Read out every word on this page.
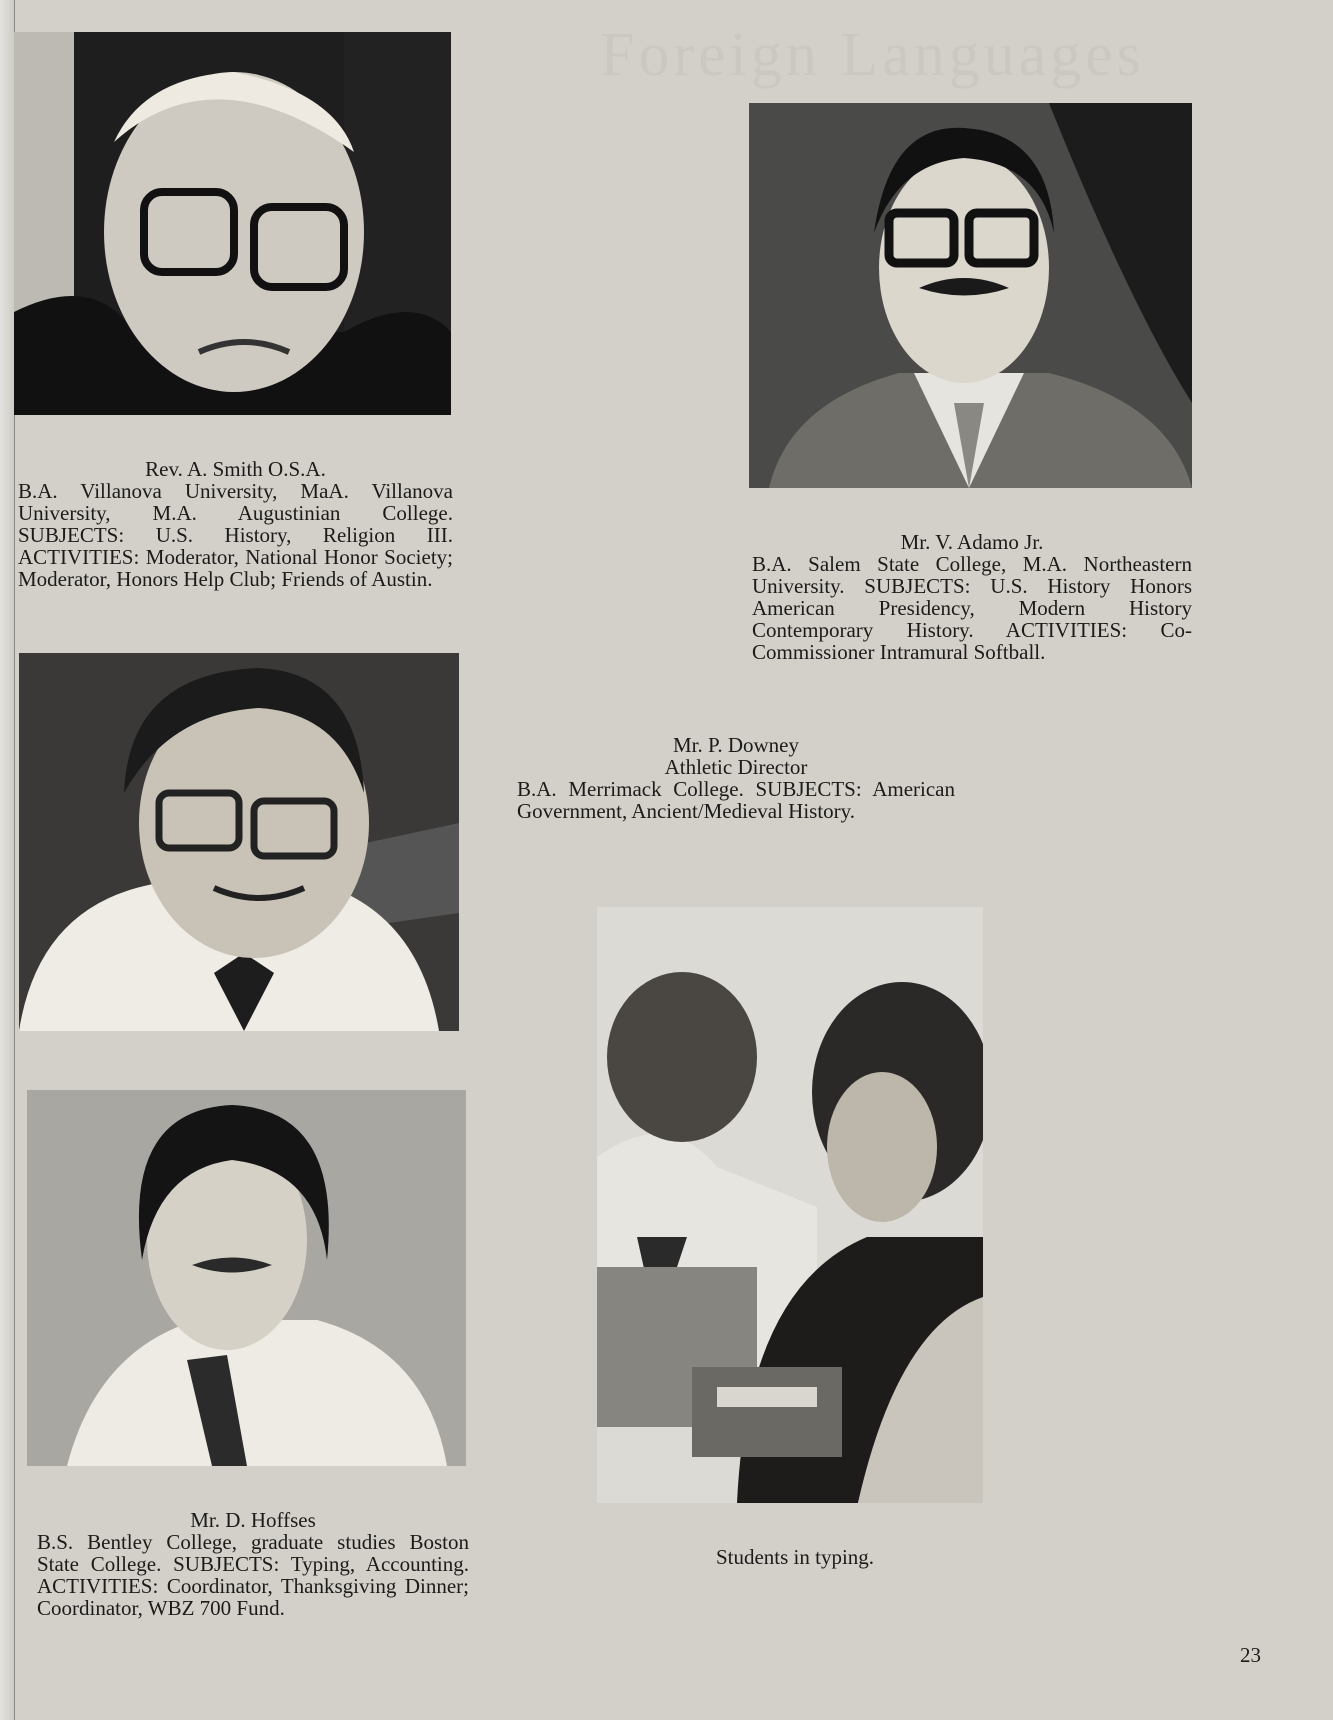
Foreign Languages
Rev. A. Smith O.S.A.
B.A. Villanova University, MaA. Villanova University, M.A. Augustinian College. SUBJECTS: U.S. History, Religion III. ACTIVITIES: Moderator, National Honor Society; Moderator, Honors Help Club; Friends of Austin.
Mr. V. Adamo Jr.
B.A. Salem State College, M.A. Northeastern University. SUBJECTS: U.S. History Honors American Presidency, Modern History Contemporary History. ACTIVITIES: Co-Commissioner Intramural Softball.
Mr. P. Downey
Athletic Director
B.A. Merrimack College. SUBJECTS: American Government, Ancient/Medieval History.
Mr. D. Hoffses
B.S. Bentley College, graduate studies Boston State College. SUBJECTS: Typing, Accounting. ACTIVITIES: Coordinator, Thanksgiving Dinner; Coordinator, WBZ 700 Fund.
Students in typing.
23
